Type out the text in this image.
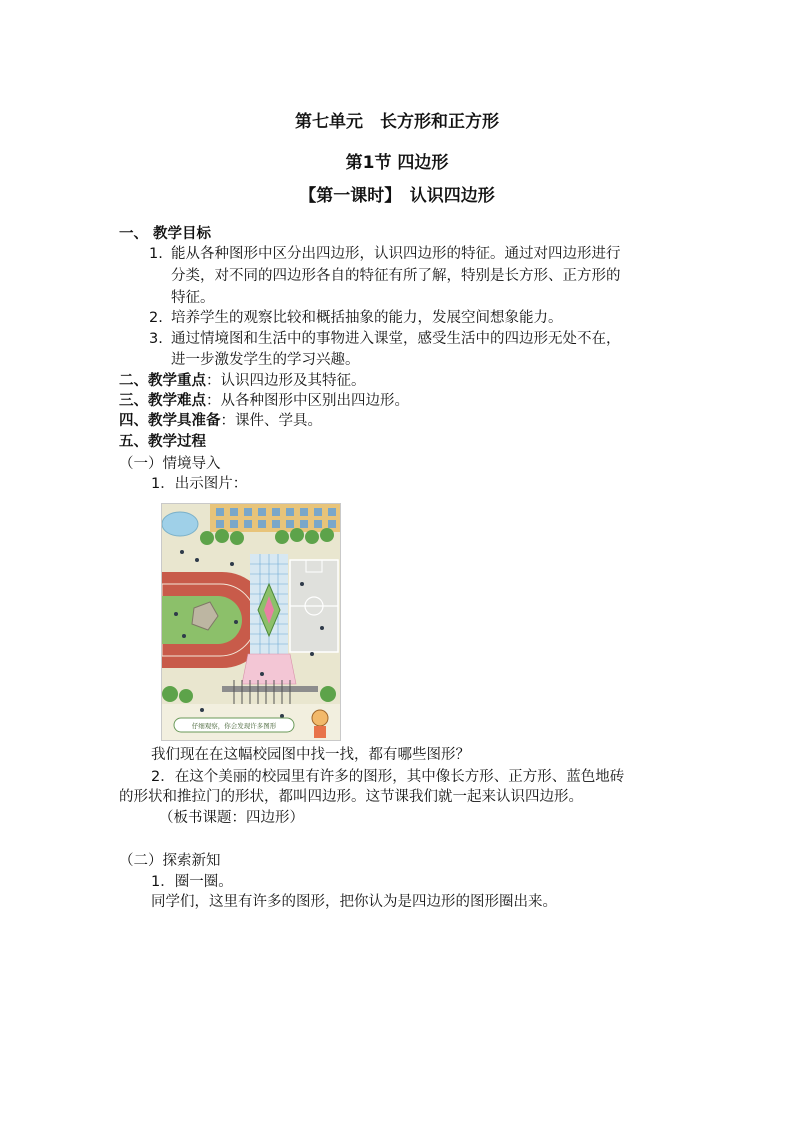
第七单元　长方形和正方形
第1节 四边形
【第一课时】　认识四边形
一、 教学目标
1. 能从各种图形中区分出四边形，认识四边形的特征。通过对四边形进行
分类，对不同的四边形各自的特征有所了解，特别是长方形、正方形的
特征。
2. 培养学生的观察比较和概括抽象的能力，发展空间想象能力。
3. 通过情境图和生活中的事物进入课堂，感受生活中的四边形无处不在，
进一步激发学生的学习兴趣。
二、教学重点：认识四边形及其特征。
三、教学难点：从各种图形中区别出四边形。
四、教学具准备：课件、学具。
五、教学过程
（一）情境导入
1．出示图片：
仔细观察，你会发现许多图形
我们现在在这幅校园图中找一找，都有哪些图形？
2．在这个美丽的校园里有许多的图形，其中像长方形、正方形、蓝色地砖
的形状和推拉门的形状，都叫四边形。这节课我们就一起来认识四边形。
（板书课题：四边形）
（二）探索新知
1．圈一圈。
同学们，这里有许多的图形，把你认为是四边形的图形圈出来。
